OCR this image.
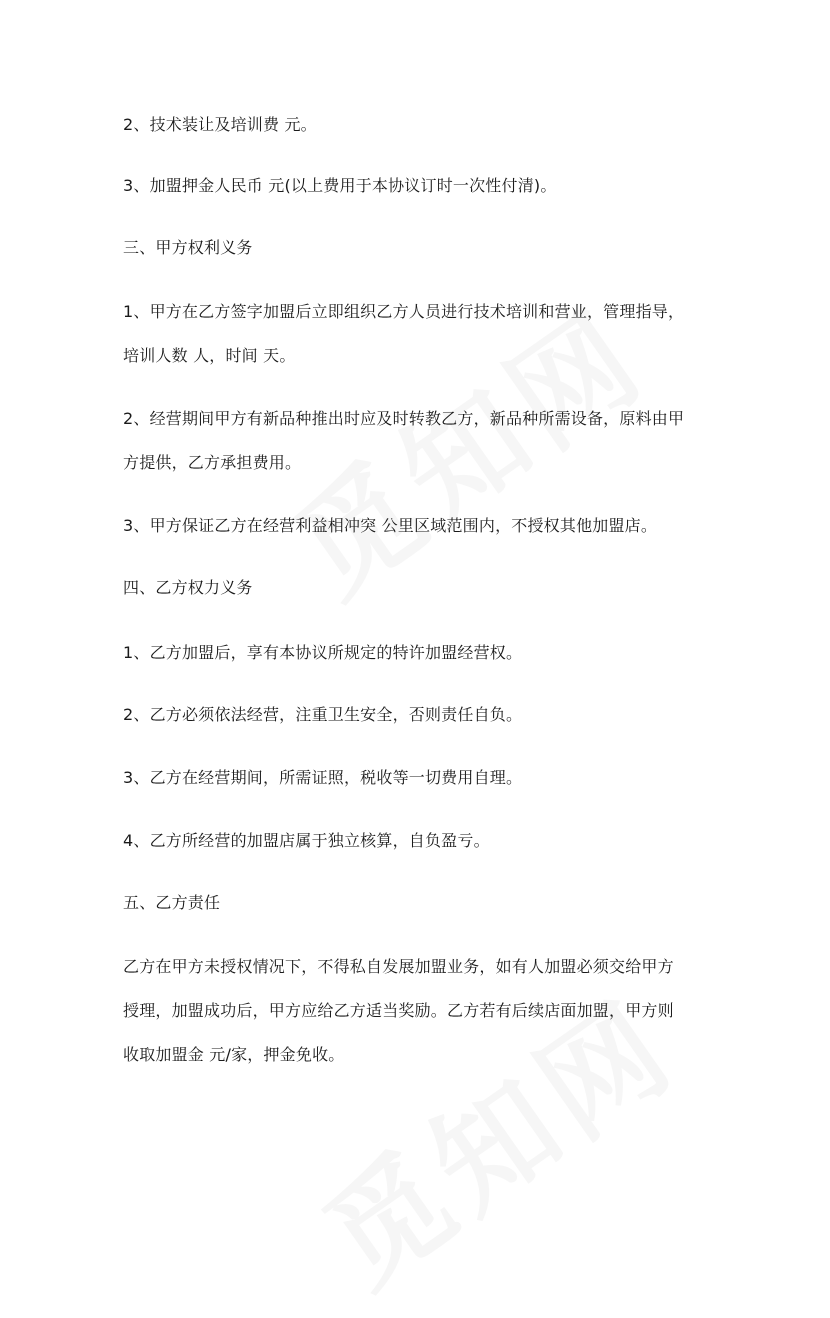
2、技术装让及培训费 元。
3、加盟押金人民币 元(以上费用于本协议订时一次性付清)。
三、甲方权利义务
1、甲方在乙方签字加盟后立即组织乙方人员进行技术培训和营业，管理指导，
培训人数 人，时间 天。
2、经营期间甲方有新品种推出时应及时转教乙方，新品种所需设备，原料由甲
方提供，乙方承担费用。
3、甲方保证乙方在经营利益相冲突 公里区域范围内，不授权其他加盟店。
四、乙方权力义务
1、乙方加盟后，享有本协议所规定的特许加盟经营权。
2、乙方必须依法经营，注重卫生安全，否则责任自负。
3、乙方在经营期间，所需证照，税收等一切费用自理。
4、乙方所经营的加盟店属于独立核算，自负盈亏。
五、乙方责任
乙方在甲方未授权情况下，不得私自发展加盟业务，如有人加盟必须交给甲方
授理，加盟成功后，甲方应给乙方适当奖励。乙方若有后续店面加盟，甲方则
收取加盟金 元/家，押金免收。
